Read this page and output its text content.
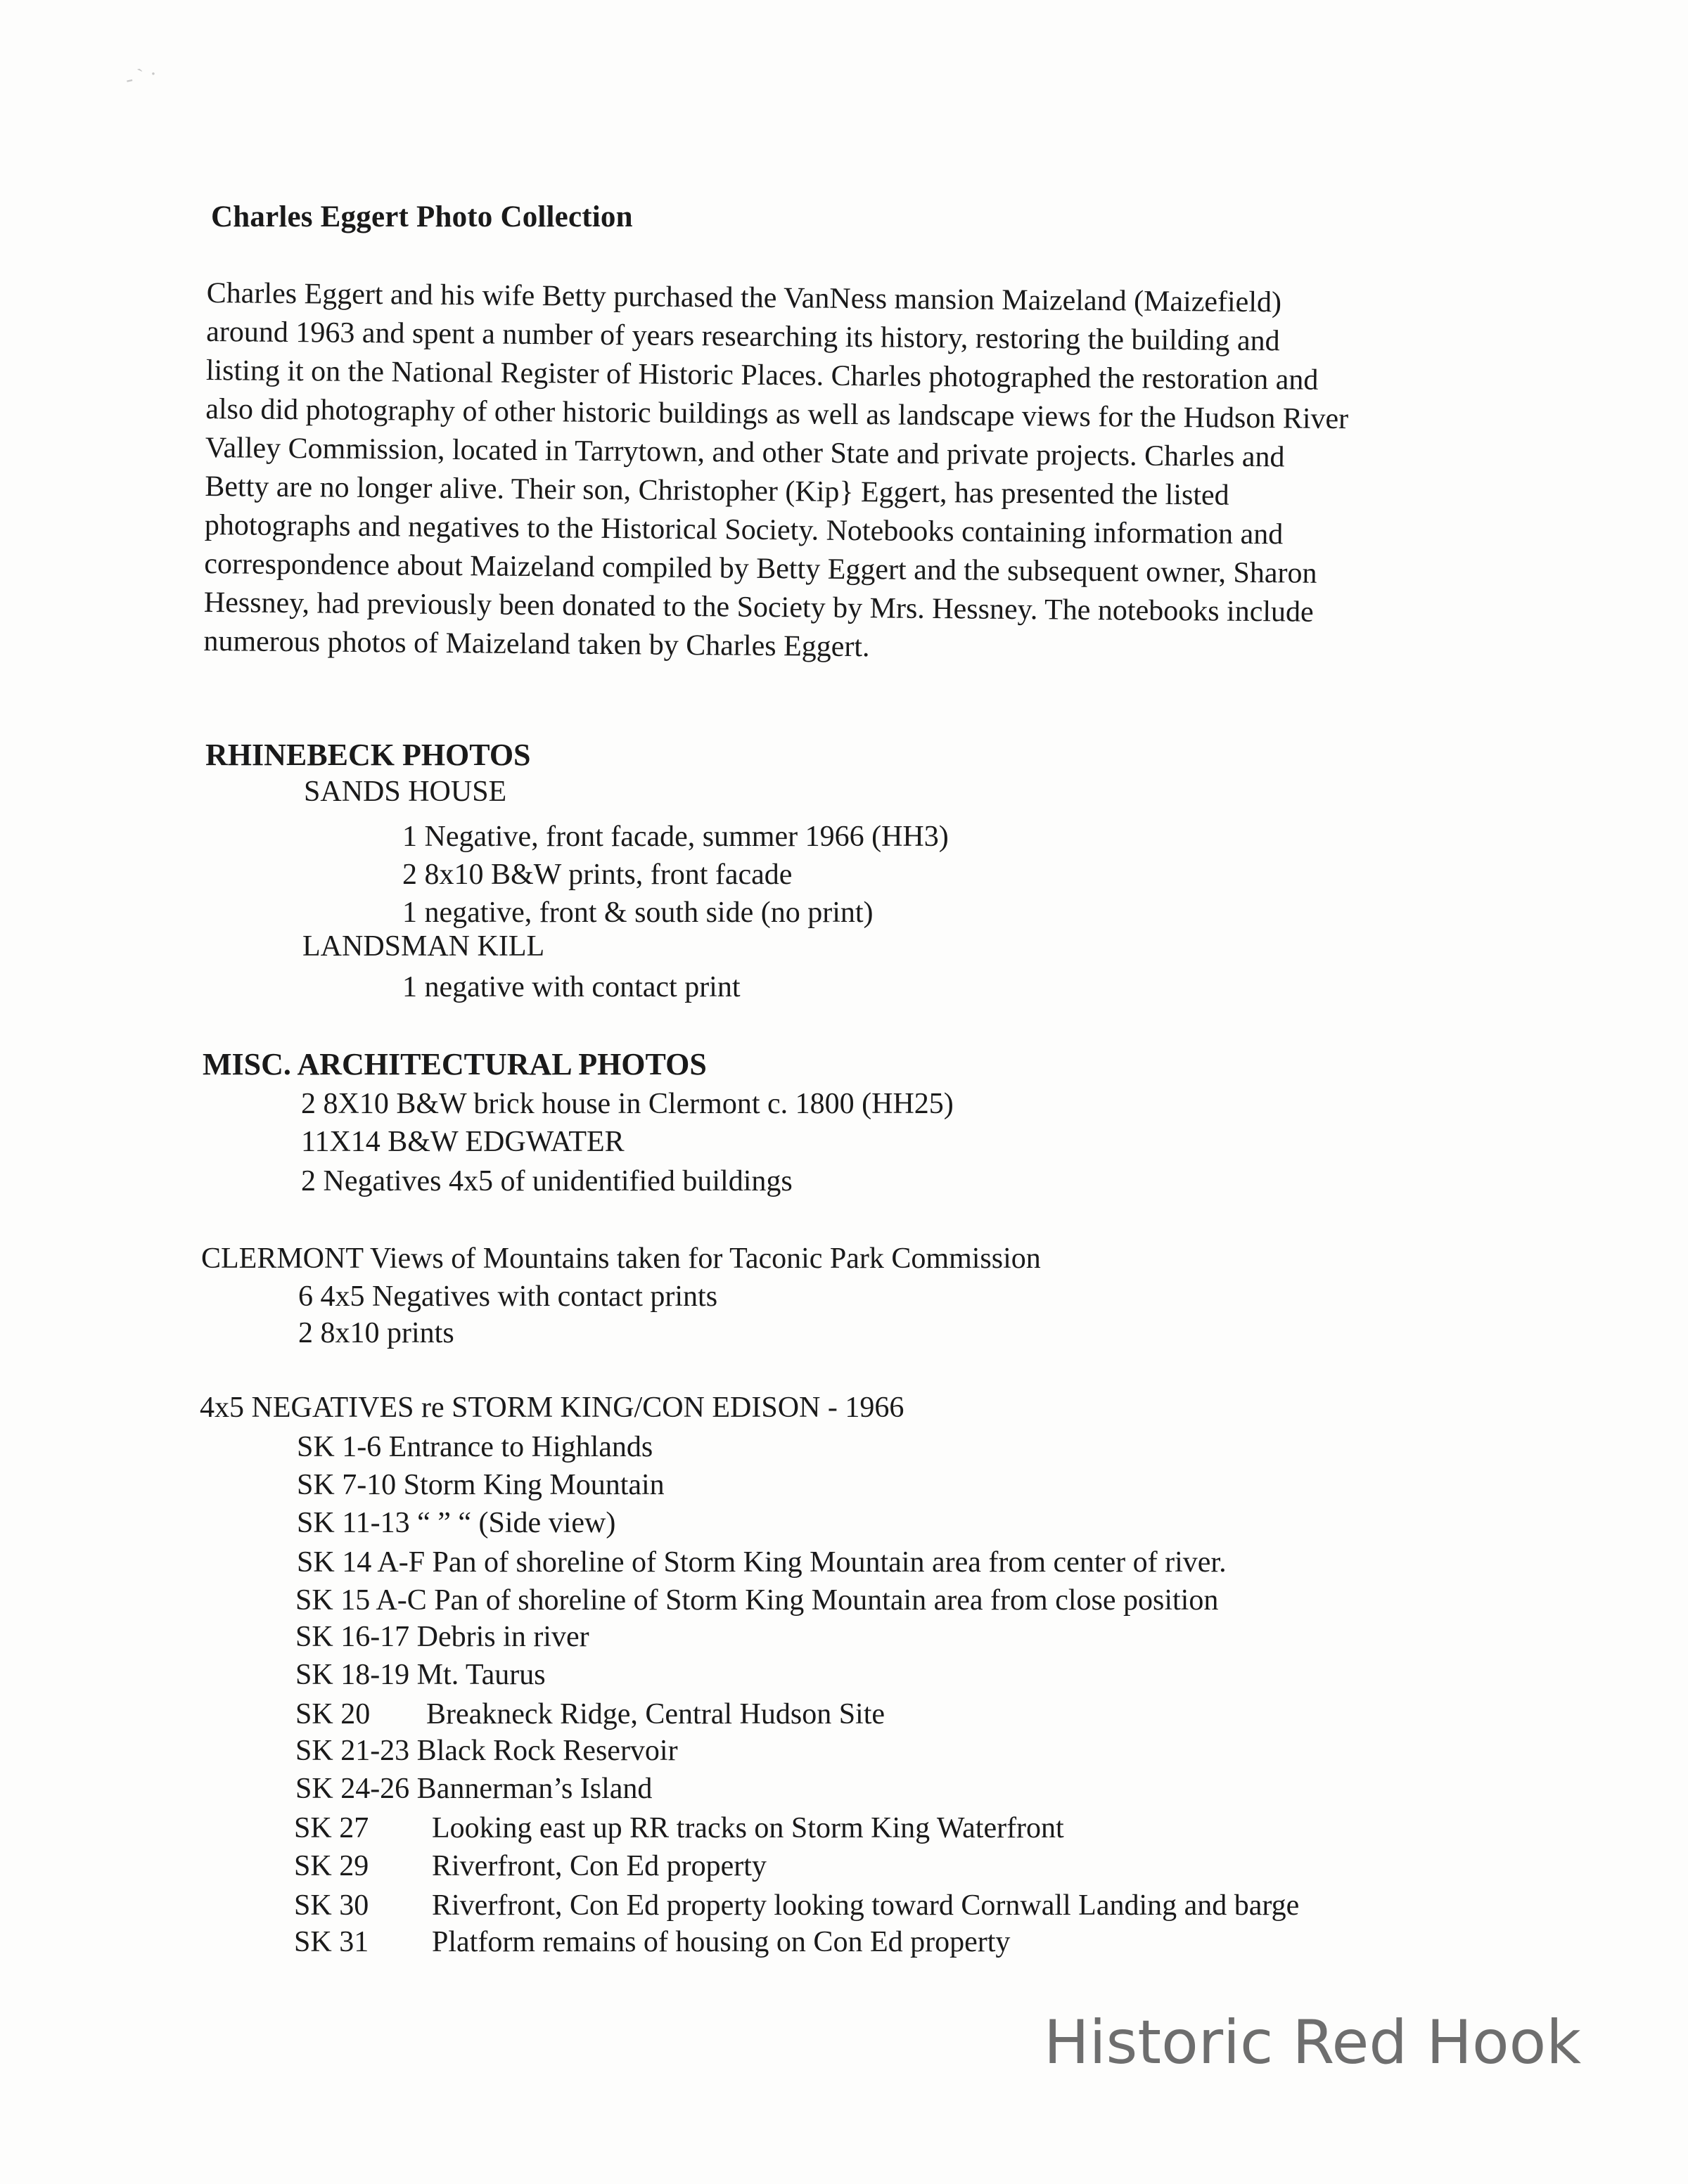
- ` ·
Charles Eggert Photo Collection
Charles Eggert and his wife Betty purchased the VanNess mansion Maizeland (Maizefield)
around 1963 and spent a number of years researching its history, restoring the building and
listing it on the National Register of Historic Places. Charles photographed the restoration and
also did photography of other historic buildings as well as landscape views for the Hudson River
Valley Commission, located in Tarrytown, and other State and private projects. Charles and
Betty are no longer alive. Their son, Christopher (Kip} Eggert, has presented the listed
photographs and negatives to the Historical Society. Notebooks containing information and
correspondence about Maizeland compiled by Betty Eggert and the subsequent owner, Sharon
Hessney, had previously been donated to the Society by Mrs. Hessney. The notebooks include
numerous photos of Maizeland taken by Charles Eggert.
RHINEBECK PHOTOS
SANDS HOUSE
1 Negative, front facade, summer 1966 (HH3)
2 8x10 B&W prints, front facade
1 negative, front & south side (no print)
LANDSMAN KILL
1 negative with contact print
MISC. ARCHITECTURAL PHOTOS
2 8X10 B&W brick house in Clermont c. 1800 (HH25)
11X14 B&W EDGWATER
2 Negatives 4x5 of unidentified buildings
CLERMONT Views of Mountains taken for Taconic Park Commission
6 4x5 Negatives with contact prints
2 8x10 prints
4x5 NEGATIVES re STORM KING/CON EDISON - 1966
SK 1-6 Entrance to Highlands
SK 7-10 Storm King Mountain
SK 11-13 “ ” “ (Side view)
SK 14 A-F Pan of shoreline of Storm King Mountain area from center of river.
SK 15 A-C Pan of shoreline of Storm King Mountain area from close position
SK 16-17 Debris in river
SK 18-19 Mt. Taurus
SK 20	Breakneck Ridge, Central Hudson Site
SK 21-23 Black Rock Reservoir
SK 24-26 Bannerman’s Island
SK 27	Looking east up RR tracks on Storm King Waterfront
SK 29	Riverfront, Con Ed property
SK 30	Riverfront, Con Ed property looking toward Cornwall Landing and barge
SK 31	Platform remains of housing on Con Ed property
Historic Red Hook
